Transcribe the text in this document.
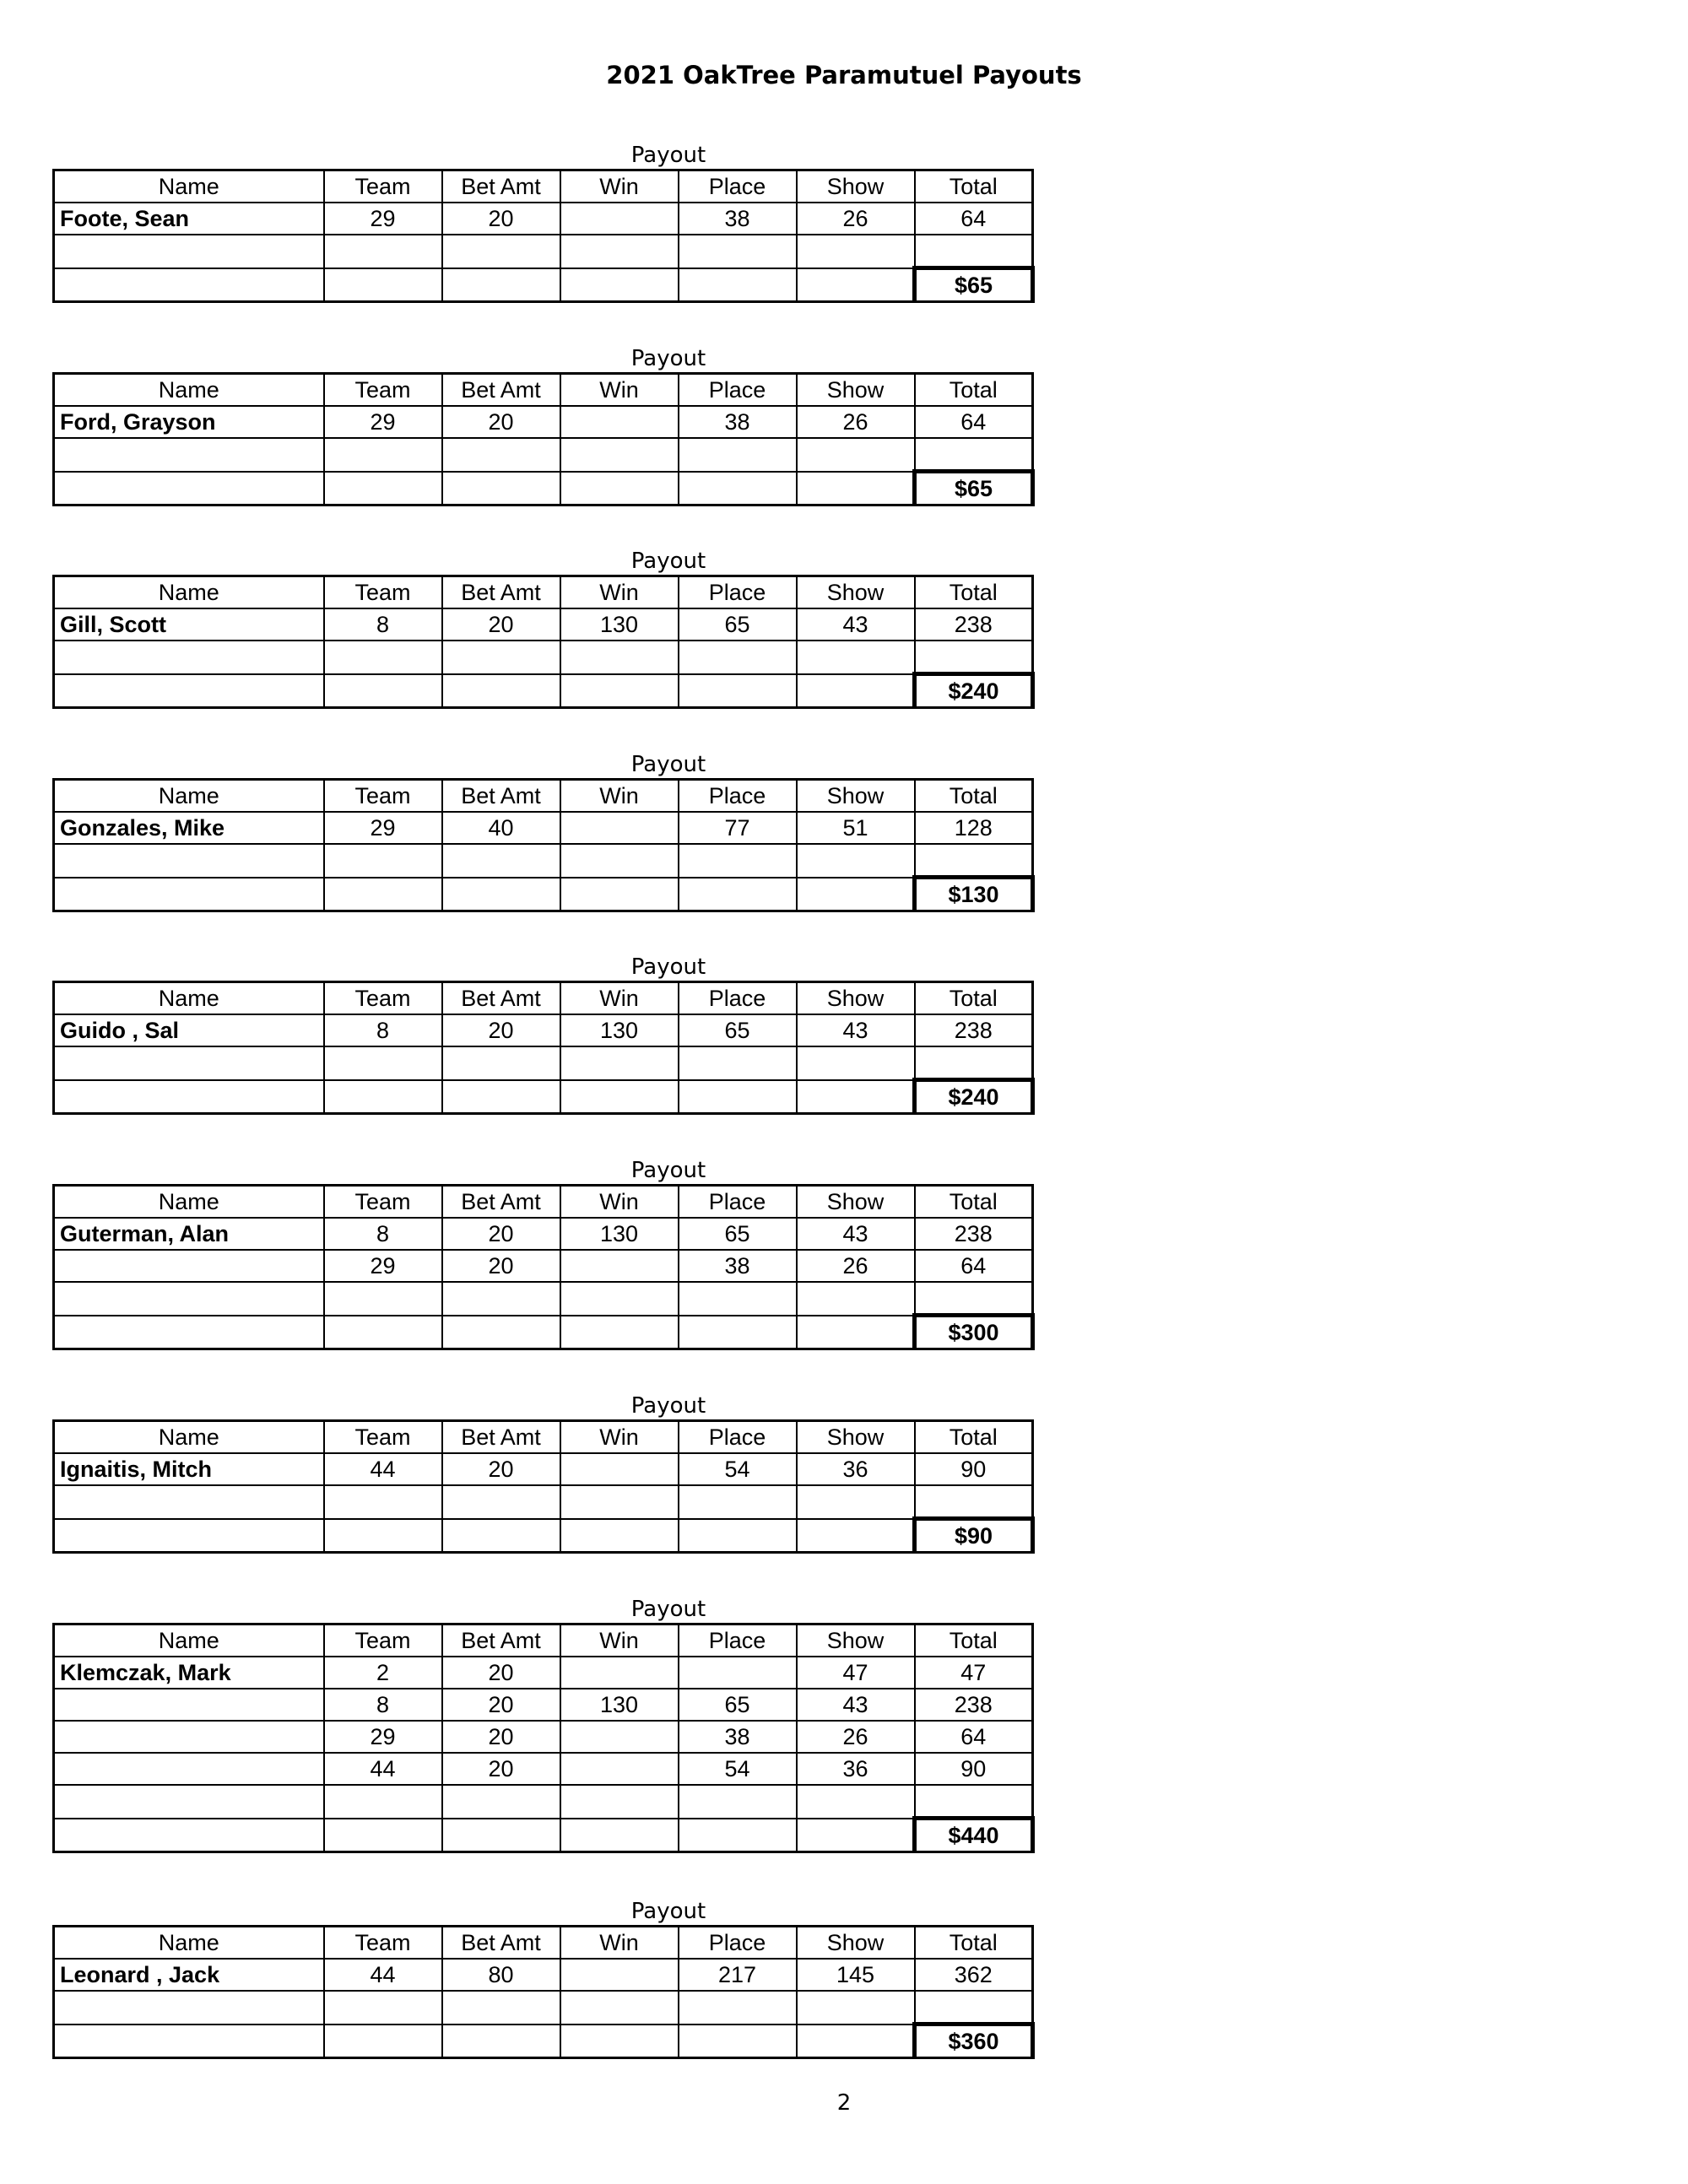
2021 OakTree Paramutuel Payouts
Payout
Name	Team	Bet Amt	Win	Place	Show	Total
Foote, Sean	29	20		38	26	64

						$65
Payout
Name	Team	Bet Amt	Win	Place	Show	Total
Ford, Grayson	29	20		38	26	64

						$65
Payout
Name	Team	Bet Amt	Win	Place	Show	Total
Gill, Scott	8	20	130	65	43	238

						$240
Payout
Name	Team	Bet Amt	Win	Place	Show	Total
Gonzales, Mike	29	40		77	51	128

						$130
Payout
Name	Team	Bet Amt	Win	Place	Show	Total
Guido , Sal	8	20	130	65	43	238

						$240
Payout
Name	Team	Bet Amt	Win	Place	Show	Total
Guterman, Alan	8	20	130	65	43	238
	29	20		38	26	64

						$300
Payout
Name	Team	Bet Amt	Win	Place	Show	Total
Ignaitis, Mitch	44	20		54	36	90

						$90
Payout
Name	Team	Bet Amt	Win	Place	Show	Total
Klemczak, Mark	2	20			47	47
	8	20	130	65	43	238
	29	20		38	26	64
	44	20		54	36	90

						$440
Payout
Name	Team	Bet Amt	Win	Place	Show	Total
Leonard , Jack	44	80		217	145	362

						$360
2
